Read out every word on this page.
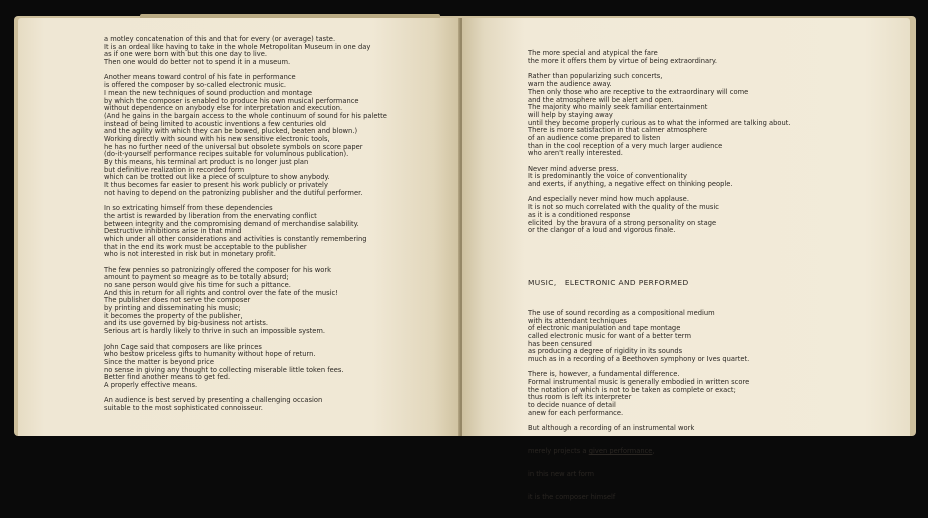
a motley concatenation of this and that for every (or average) taste.
It is an ordeal like having to take in the whole Metropolitan Museum in one day
as if one were born with but this one day to live.
Then one would do better not to spend it in a museum.
Another means toward control of his fate in performance
is offered the composer by so-called electronic music.
I mean the new techniques of sound production and montage
by which the composer is enabled to produce his own musical performance
without dependence on anybody else for interpretation and execution.
(And he gains in the bargain access to the whole continuum of sound for his palette
instead of being limited to acoustic inventions a few centuries old
and the agility with which they can be bowed, plucked, beaten and blown.)
Working directly with sound with his new sensitive electronic tools,
he has no further need of the universal but obsolete symbols on score paper
(do-it-yourself performance recipes suitable for voluminous publication).
By this means, his terminal art product is no longer just plan
but definitive realization in recorded form
which can be trotted out like a piece of sculpture to show anybody.
It thus becomes far easier to present his work publicly or privately
not having to depend on the patronizing publisher and the dutiful performer.
In so extricating himself from these dependencies
the artist is rewarded by liberation from the enervating conflict
between integrity and the compromising demand of merchandise salability.
Destructive inhibitions arise in that mind
which under all other considerations and activities is constantly remembering
that in the end its work must be acceptable to the publisher
who is not interested in risk but in monetary profit.
The few pennies so patronizingly offered the composer for his work
amount to payment so meagre as to be totally absurd;
no sane person would give his time for such a pittance.
And this in return for all rights and control over the fate of the music!
The publisher does not serve the composer
by printing and disseminating his music;
it becomes the property of the publisher,
and its use governed by big-business not artists.
Serious art is hardly likely to thrive in such an impossible system.
John Cage said that composers are like princes
who bestow priceless gifts to humanity without hope of return.
Since the matter is beyond price
no sense in giving any thought to collecting miserable little token fees.
Better find another means to get fed.
A properly effective means.
An audience is best served by presenting a challenging occasion
suitable to the most sophisticated connoisseur.

The more special and atypical the fare
the more it offers them by virtue of being extraordinary.
Rather than popularizing such concerts,
warn the audience away.
Then only those who are receptive to the extraordinary will come
and the atmosphere will be alert and open.
The majority who mainly seek familiar entertainment
will help by staying away
until they become properly curious as to what the informed are talking about.
There is more satisfaction in that calmer atmosphere
of an audience come prepared to listen
than in the cool reception of a very much larger audience
who aren't really interested.
Never mind adverse press.
It is predominantly the voice of conventionality
and exerts, if anything, a negative effect on thinking people.
And especially never mind how much applause.
It is not so much correlated with the quality of the music
as it is a conditioned response
elicited  by the bravura of a strong personality on stage
or the clangor of a loud and vigorous finale.

MUSIC,   ELECTRONIC AND PERFORMED

The use of sound recording as a compositional medium
with its attendant techniques
of electronic manipulation and tape montage
called electronic music for want of a better term
has been censured
as producing a degree of rigidity in its sounds
much as in a recording of a Beethoven symphony or Ives quartet.
There is, however, a fundamental difference.
Formal instrumental music is generally embodied in written score
the notation of which is not to be taken as complete or exact;
thus room is left its interpreter
to decide nuance of detail
anew for each performance.
But although a recording of an instrumental work

merely projects a given performance,

in this new art form

it is the composer himself
